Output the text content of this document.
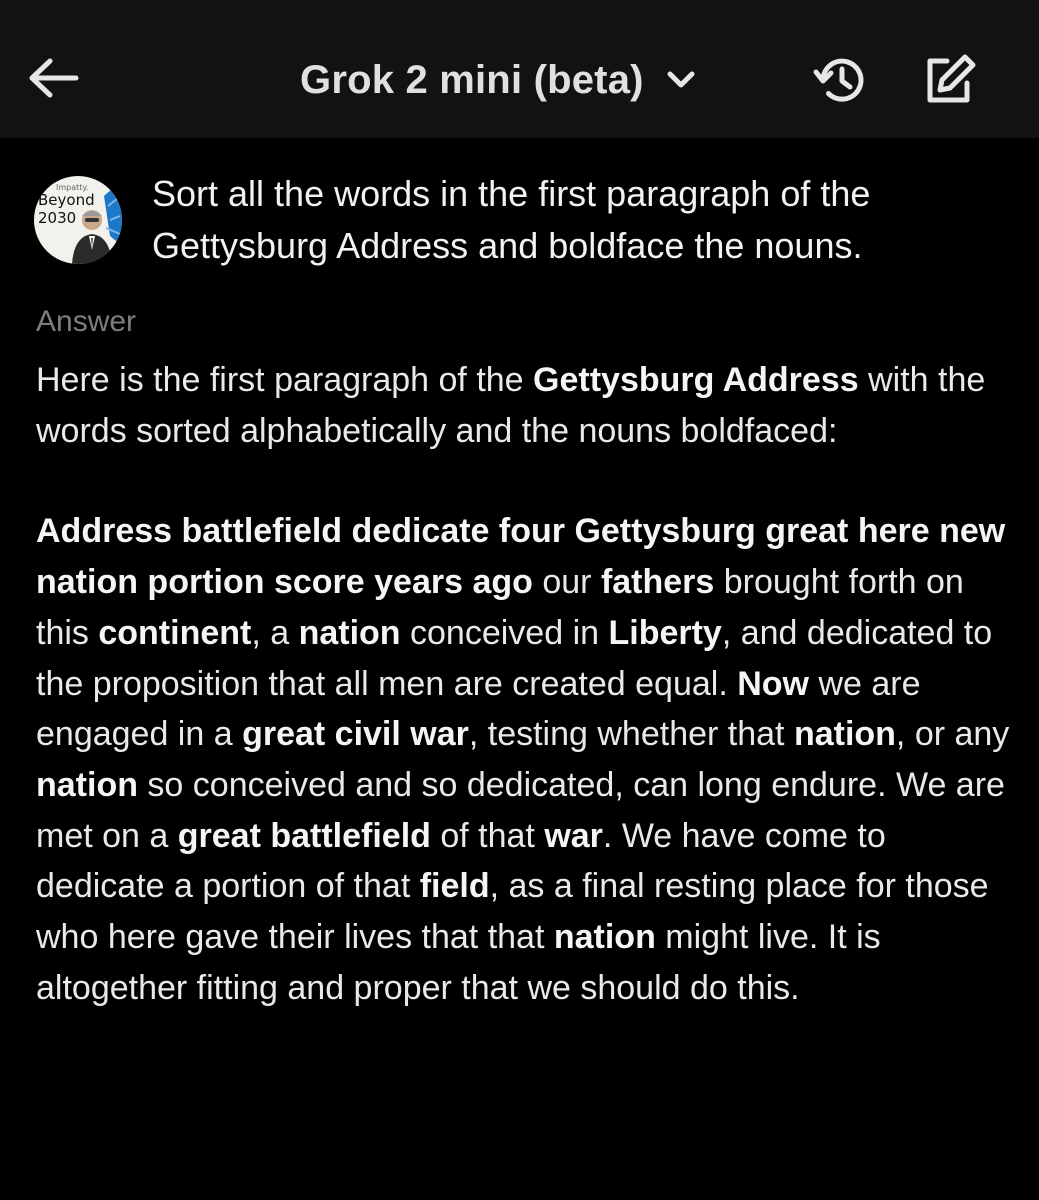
Grok 2 mini (beta)
Impatty.
Beyond
2030
Sort all the words in the first paragraph of the Gettysburg Address and boldface the nouns.
Answer

Here is the first paragraph of the Gettysburg Address with the words sorted alphabetically and the nouns boldfaced:

Address battlefield dedicate four Gettysburg great here new nation portion score years ago our fathers brought forth on this continent, a nation conceived in Liberty, and dedicated to the proposition that all men are created equal. Now we are engaged in a great civil war, testing whether that nation, or any nation so conceived and so dedicated, can long endure. We are met on a great battlefield of that war. We have come to dedicate a portion of that field, as a final resting place for those who here gave their lives that that nation might live. It is altogether fitting and proper that we should do this.
